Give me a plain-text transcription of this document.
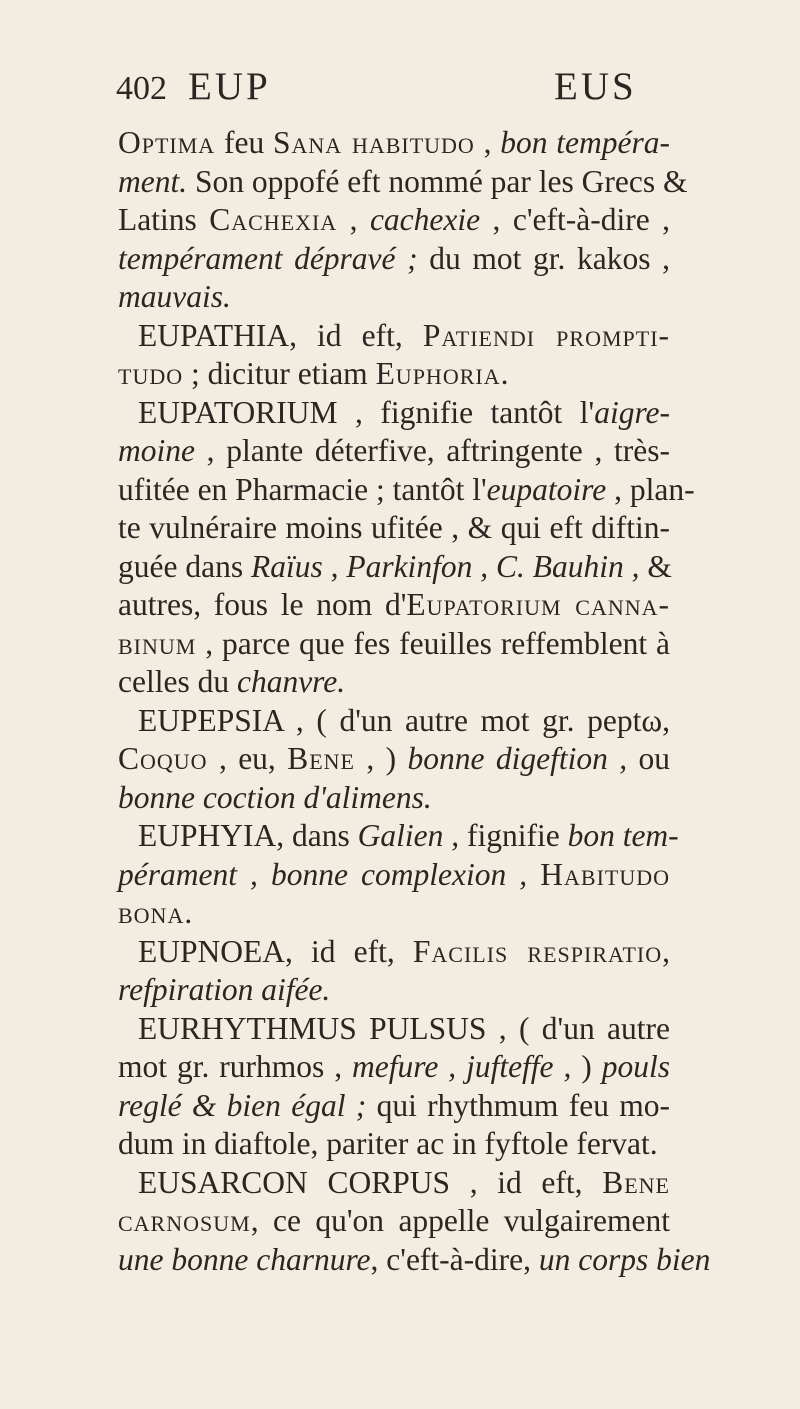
402 EUP	EUS
Optima feu Sana habitudo , bon tempéra-
ment. Son oppofé eft nommé par les Grecs &
Latins Cachexia , cachexie , c'eft-à-dire ,
tempérament dépravé ; du mot gr. kakos ,
mauvais.
EUPATHIA, id eft, Patiendi prompti-
tudo ; dicitur etiam Euphoria.
EUPATORIUM , fignifie tantôt l'aigre-
moine , plante déterfive, aftringente , très-
ufitée en Pharmacie ; tantôt l'eupatoire , plan-
te vulnéraire moins ufitée , & qui eft diftin-
guée dans Raïus , Parkinfon , C. Bauhin , &
autres, fous le nom d'Eupatorium canna-
binum , parce que fes feuilles reffemblent à
celles du chanvre.
EUPEPSIA , ( d'un autre mot gr. peptω,
Coquo , eu, Bene , ) bonne digeftion , ou
bonne coction d'alimens.
EUPHYIA, dans Galien , fignifie bon tem-
pérament , bonne complexion , Habitudo
bona.
EUPNOEA, id eft, Facilis respiratio,
refpiration aifée.
EURHYTHMUS PULSUS , ( d'un autre
mot gr. rurhmos , mefure , jufteffe , ) pouls
reglé & bien égal ; qui rhythmum feu mo-
dum in diaftole, pariter ac in fyftole fervat.
EUSARCON CORPUS , id eft, Bene
carnosum, ce qu'on appelle vulgairement
une bonne charnure, c'eft-à-dire, un corps bien
